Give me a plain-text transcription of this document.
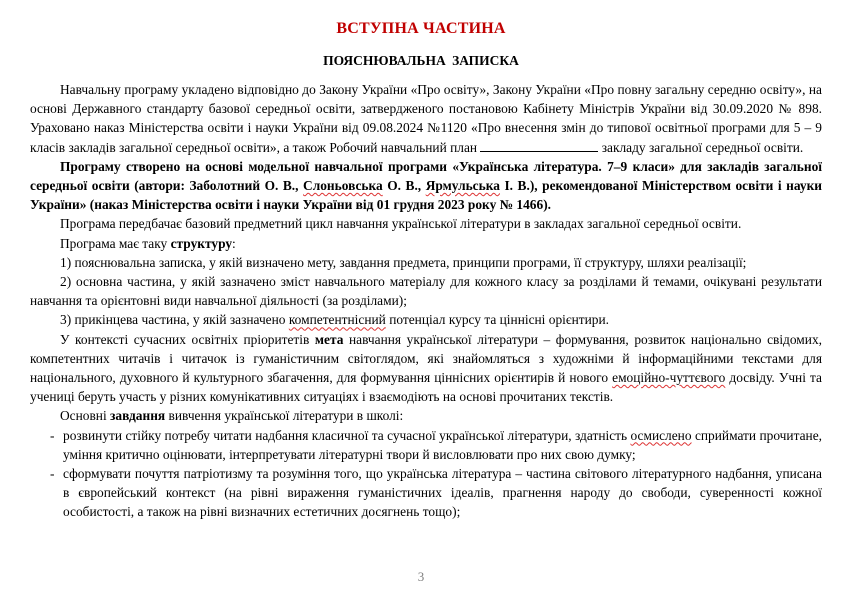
ВСТУПНА ЧАСТИНА
ПОЯСНЮВАЛЬНА ЗАПИСКА

Навчальну програму укладено відповідно до Закону України «Про освіту», Закону України «Про повну загальну середню освіту», на основі Державного стандарту базової середньої освіти, затвердженого постановою Кабінету Міністрів України від 30.09.2020 № 898. Ураховано наказ Міністерства освіти і науки України від 09.08.2024 №1120 «Про внесення змін до типової освітньої програми для 5 – 9 класів закладів загальної середньої освіти», а також Робочий навчальний план	закладу загальної середньої освіти.

Програму створено на основі модельної навчальної програми «Українська література. 7–9 класи» для закладів загальної середньої освіти (автори: Заболотний О. В., Слоньовська О. В., Ярмульська І. В.), рекомендованої Міністерством освіти і науки України» (наказ Міністерства освіти і науки України від 01 грудня 2023 року № 1466).

Програма передбачає базовий предметний цикл навчання української літератури в закладах загальної середньої освіти.

Програма має таку структуру:

1) пояснювальна записка, у якій визначено мету, завдання предмета, принципи програми, її структуру, шляхи реалізації;

2) основна частина, у якій зазначено зміст навчального матеріалу для кожного класу за розділами й темами, очікувані результати навчання та орієнтовні види навчальної діяльності (за розділами);

3) прикінцева частина, у якій зазначено компетентнісний потенціал курсу та ціннісні орієнтири.

У контексті сучасних освітніх пріоритетів мета навчання української літератури – формування, розвиток національно свідомих, компетентних читачів і читачок із гуманістичним світоглядом, які знайомляться з художніми й інформаційними текстами для національного, духовного й культурного збагачення, для формування ціннісних орієнтирів й нового емоційно-чуттєвого досвіду. Учні та учениці беруть участь у різних комунікативних ситуаціях і взаємодіють на основі прочитаних текстів.

Основні завдання вивчення української літератури в школі:

- розвинути стійку потребу читати надбання класичної та сучасної української літератури, здатність осмислено сприймати прочитане, уміння критично оцінювати, інтерпретувати літературні твори й висловлювати про них свою думку;
- сформувати почуття патріотизму та розуміння того, що українська література – частина світового літературного надбання, уписана в європейський контекст (на рівні вираження гуманістичних ідеалів, прагнення народу до свободи, суверенності кожної особистості, а також на рівні визначних естетичних досягнень тощо);
3
